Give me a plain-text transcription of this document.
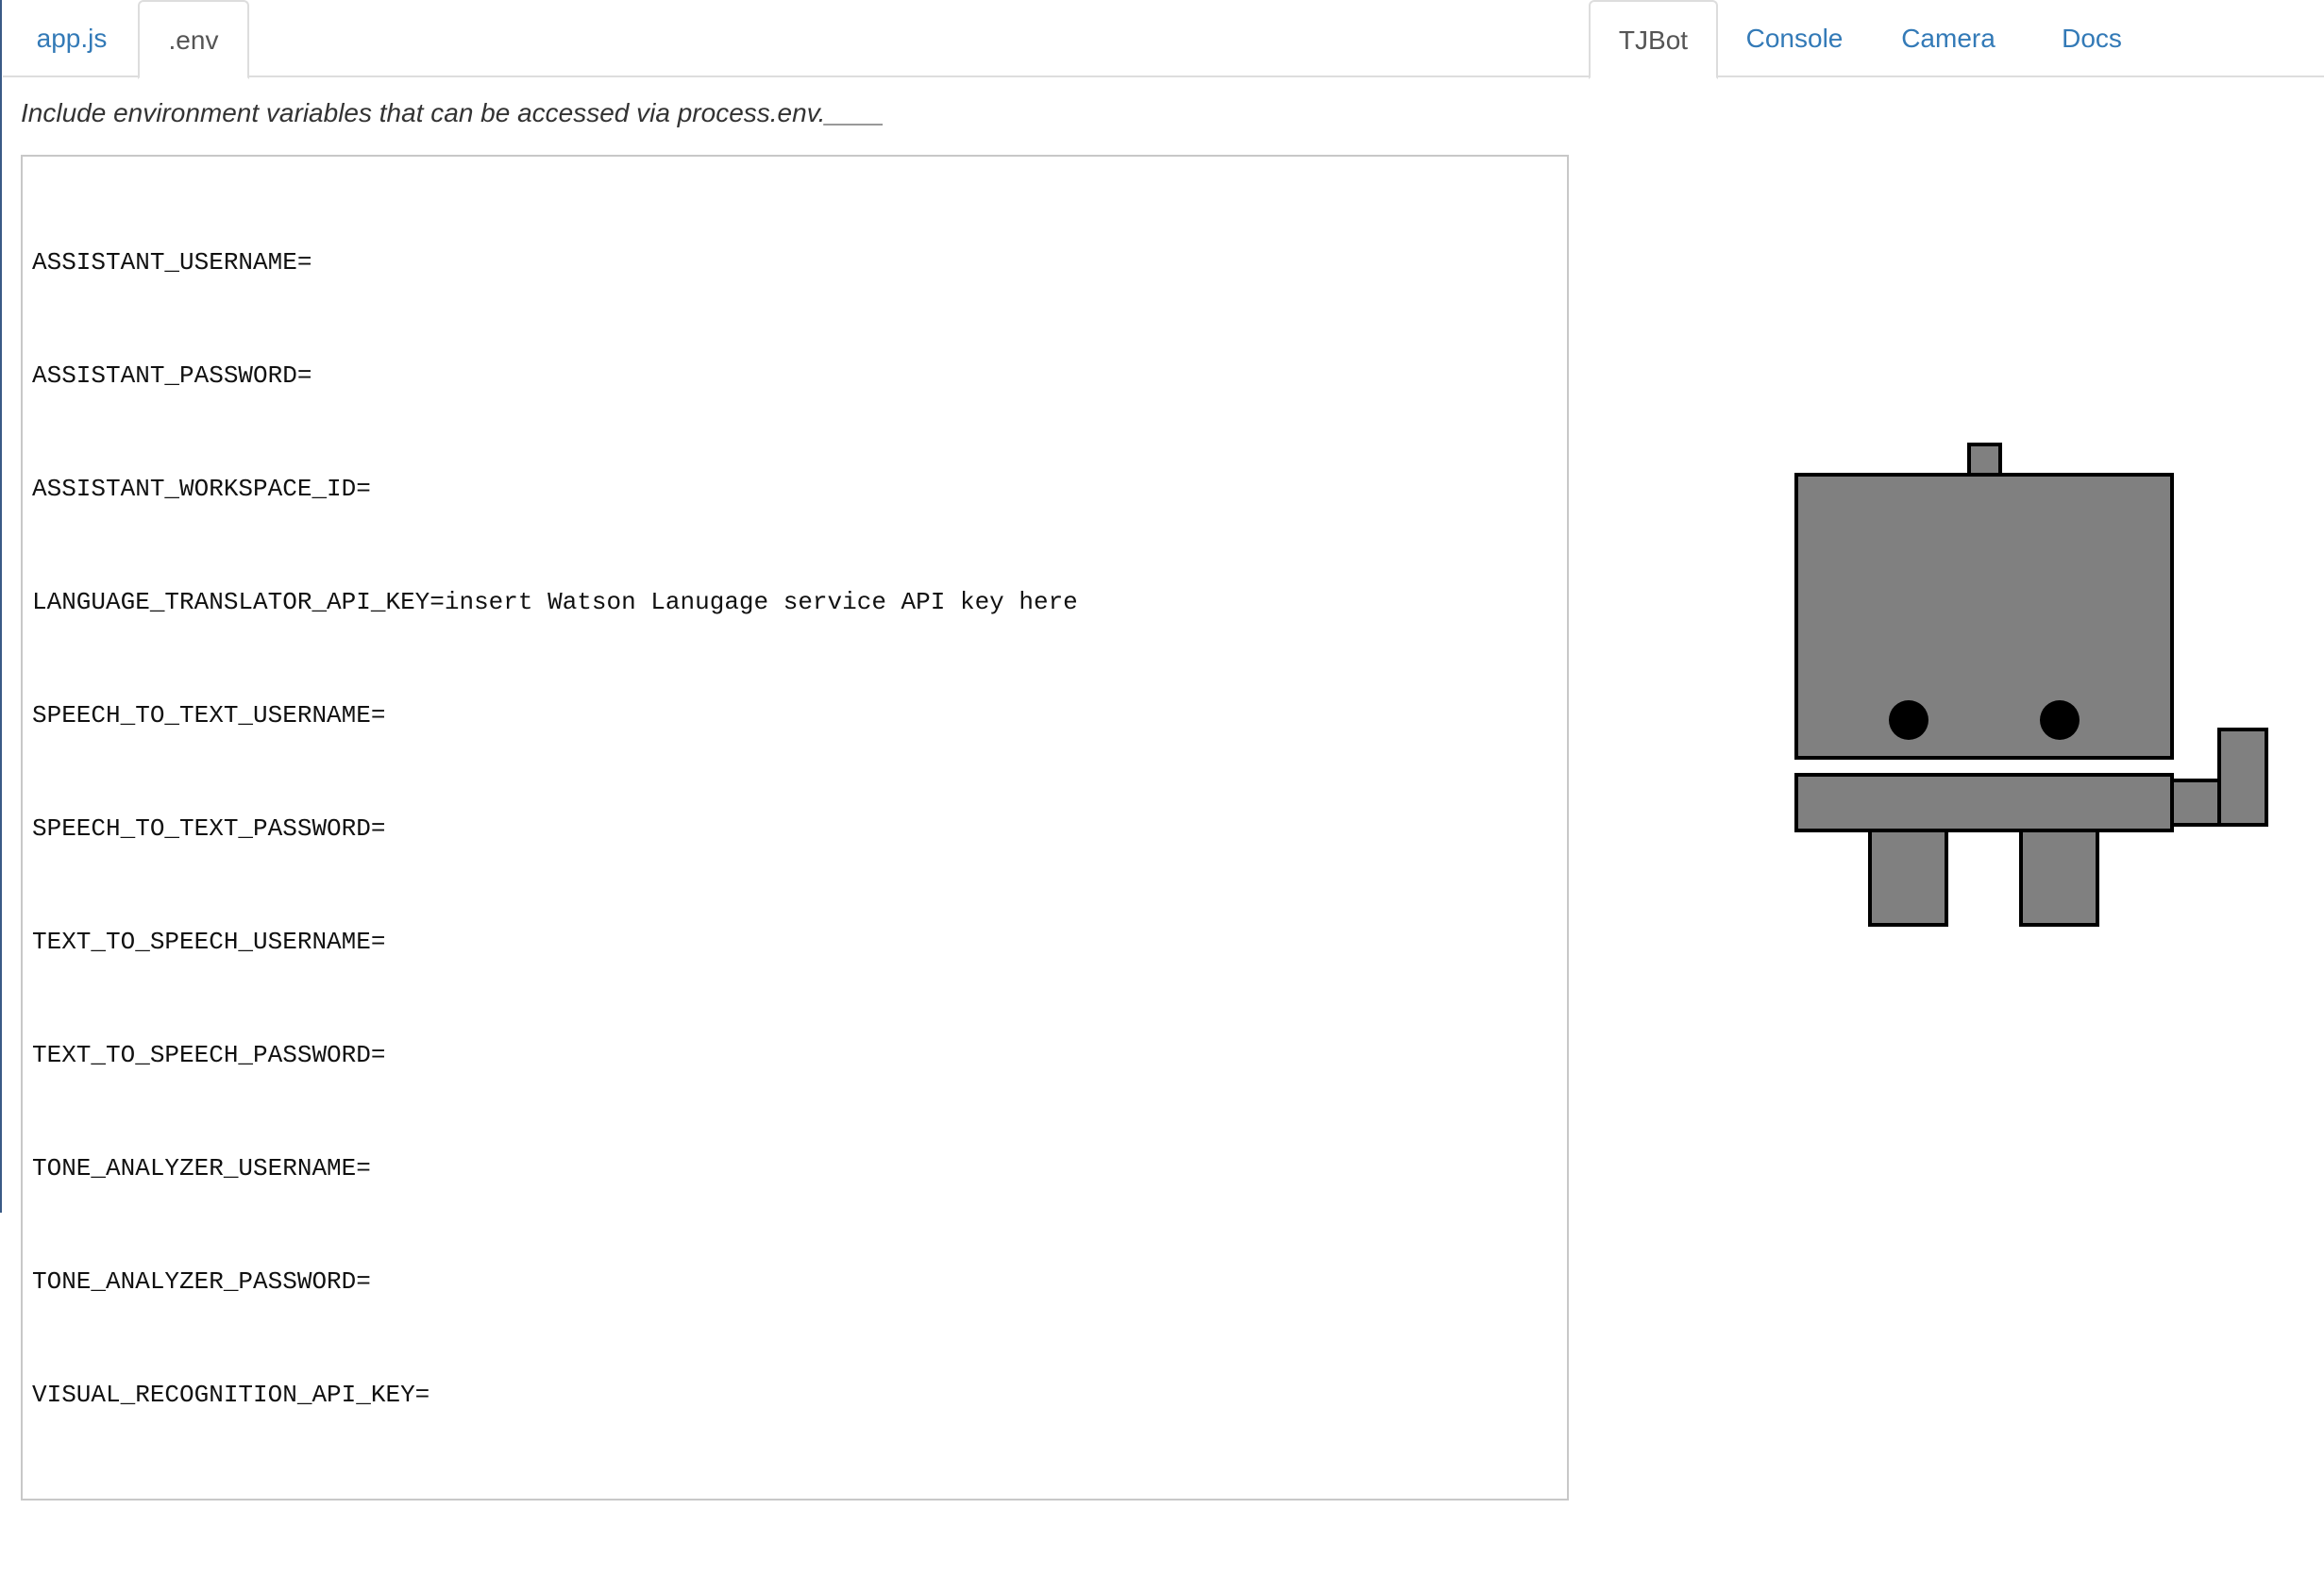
app.js	.env	TJBot	Console	Camera	Docs
Include environment variables that can be accessed via process.env.____

ASSISTANT_USERNAME=

ASSISTANT_PASSWORD=

ASSISTANT_WORKSPACE_ID=

LANGUAGE_TRANSLATOR_API_KEY=insert Watson Lanugage service API key here

SPEECH_TO_TEXT_USERNAME=

SPEECH_TO_TEXT_PASSWORD=

TEXT_TO_SPEECH_USERNAME=

TEXT_TO_SPEECH_PASSWORD=

TONE_ANALYZER_USERNAME=

TONE_ANALYZER_PASSWORD=

VISUAL_RECOGNITION_API_KEY=
